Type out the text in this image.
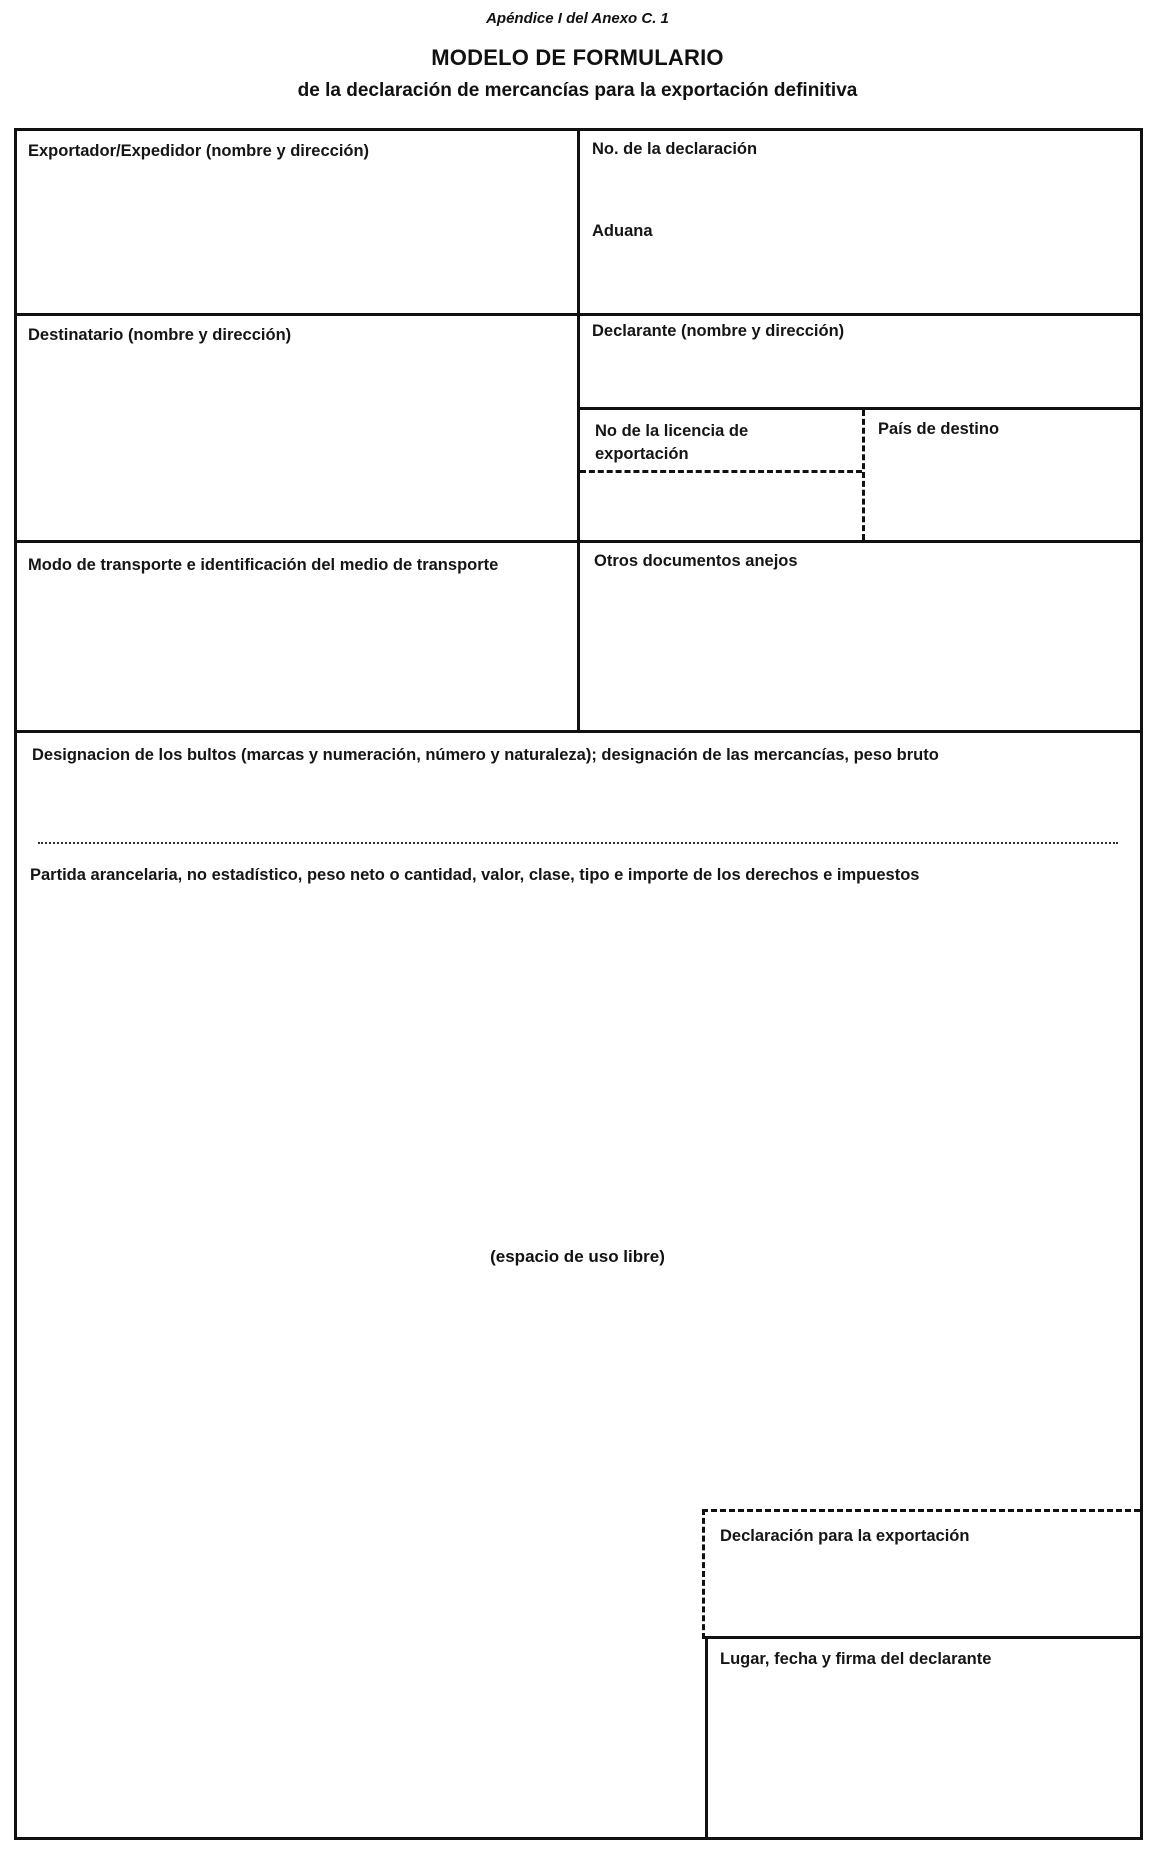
Apéndice I del Anexo C. 1
MODELO DE FORMULARIO
de la declaración de mercancías para la exportación definitiva
Exportador/Expedidor (nombre y dirección)	No. de la declaración
Aduana
Destinatario (nombre y dirección)	Declarante (nombre y dirección)
No de la licencia de
exportación
País de destino
Modo de transporte e identificación del medio de transporte	Otros documentos anejos
Designacion de los bultos (marcas y numeración, número y naturaleza); designación de las mercancías, peso bruto
Partida arancelaria, no estadístico, peso neto o cantidad, valor, clase, tipo e importe de los derechos e impuestos
(espacio de uso libre)
Declaración para la exportación
Lugar, fecha y firma del declarante
